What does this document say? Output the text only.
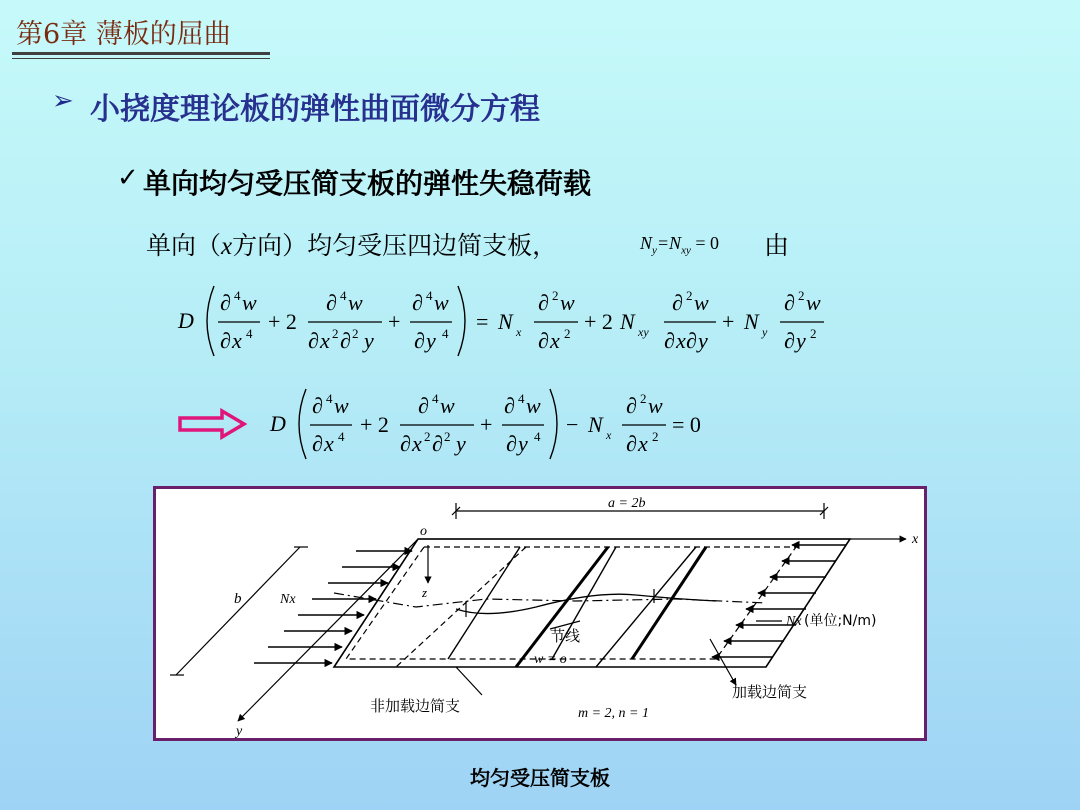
第6章 薄板的屈曲
➢ 小挠度理论板的弹性曲面微分方程
✓ 单向均匀受压简支板的弹性失稳荷载
单向（x方向）均匀受压四边简支板，	$N_y=N_{xy} = 0$ 由
D
∂ 4 w
∂ x 4 + 2
∂ 4 w
∂ x 2 ∂ 2 y
+
∂ 4 w
∂ y 4 = N x
∂ 2 w
∂ x 2 + 2 N xy
∂ 2 w
∂ x ∂ y
+ N y
∂ 2 w
∂ y 2
D
∂ 4 w
∂ x 4 + 2
∂ 4 w
∂ x 2 ∂ 2 y
+
∂ 4 w
∂ y 4 − N x
∂ 2 w
∂ x 2 = 0
a = 2b
x
y
z
o
b	Nx
Nx (单位;N/m)
节线
w = o
加载边简支
非加载边简支	m = 2, n = 1
均匀受压简支板
